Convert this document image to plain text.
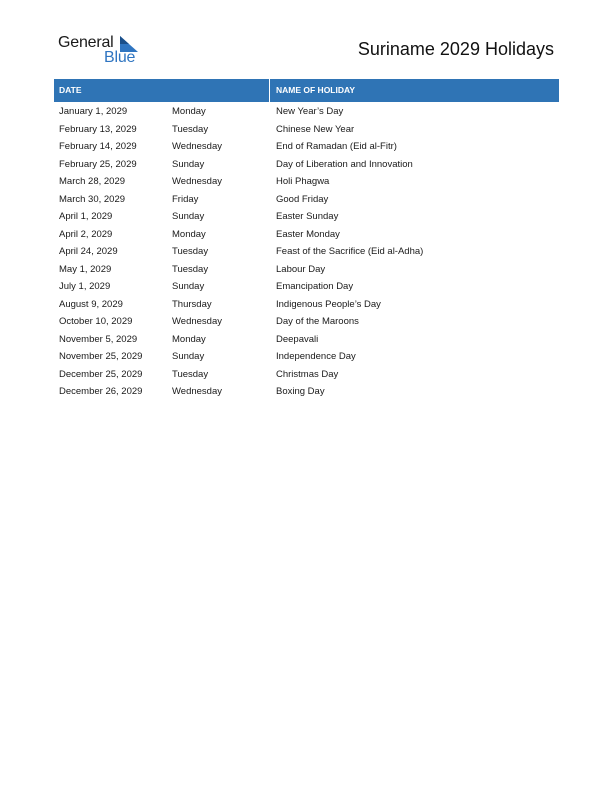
General
Blue	Suriname 2029 Holidays
DATE	NAME OF HOLIDAY
January 1, 2029	Monday	New Year’s Day
February 13, 2029	Tuesday	Chinese New Year
February 14, 2029	Wednesday	End of Ramadan (Eid al-Fitr)
February 25, 2029	Sunday	Day of Liberation and Innovation
March 28, 2029	Wednesday	Holi Phagwa
March 30, 2029	Friday	Good Friday
April 1, 2029	Sunday	Easter Sunday
April 2, 2029	Monday	Easter Monday
April 24, 2029	Tuesday	Feast of the Sacrifice (Eid al-Adha)
May 1, 2029	Tuesday	Labour Day
July 1, 2029	Sunday	Emancipation Day
August 9, 2029	Thursday	Indigenous People’s Day
October 10, 2029	Wednesday	Day of the Maroons
November 5, 2029	Monday	Deepavali
November 25, 2029	Sunday	Independence Day
December 25, 2029	Tuesday	Christmas Day
December 26, 2029	Wednesday	Boxing Day
